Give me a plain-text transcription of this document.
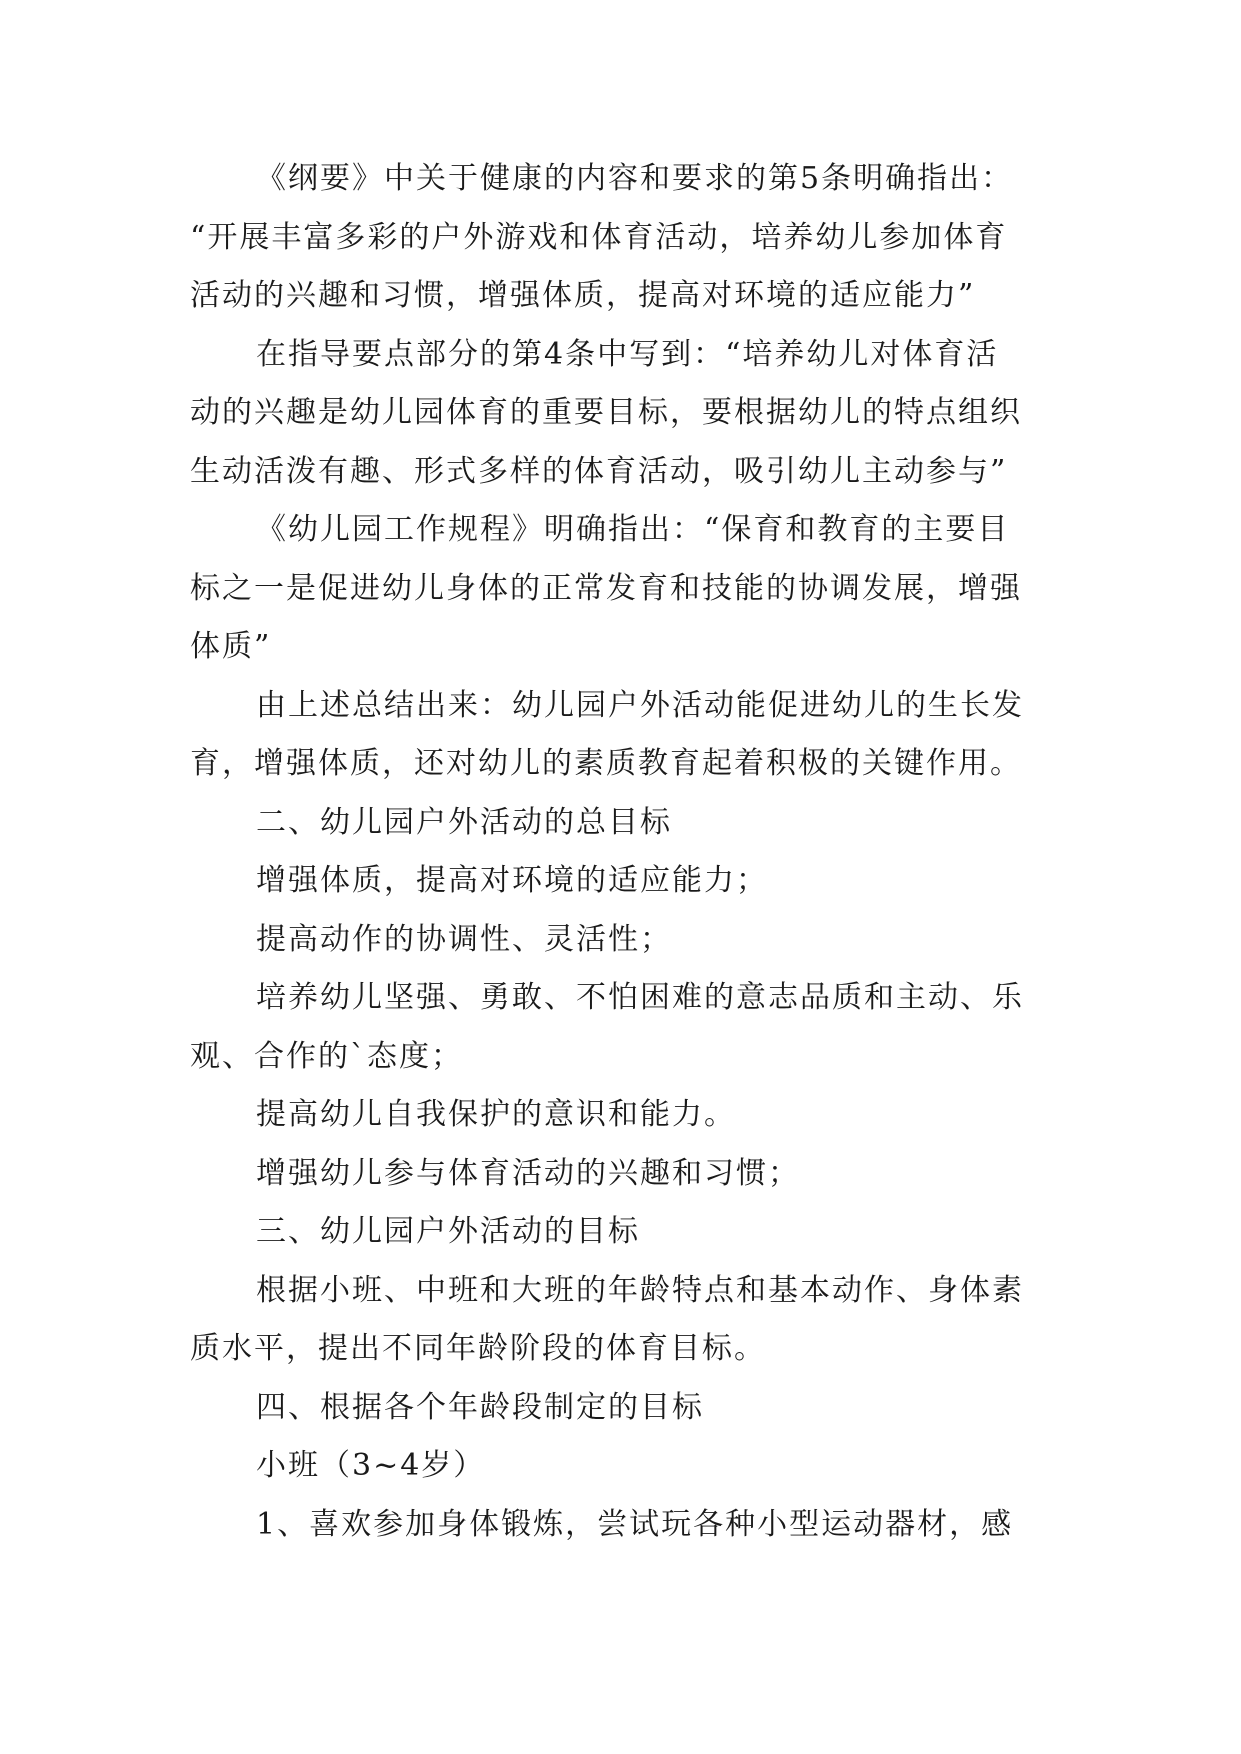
《纲要》中关于健康的内容和要求的第5条明确指出：
“开展丰富多彩的户外游戏和体育活动，培养幼儿参加体育
活动的兴趣和习惯，增强体质，提高对环境的适应能力”
在指导要点部分的第4条中写到：“培养幼儿对体育活
动的兴趣是幼儿园体育的重要目标，要根据幼儿的特点组织
生动活泼有趣、形式多样的体育活动，吸引幼儿主动参与”
《幼儿园工作规程》明确指出：“保育和教育的主要目
标之一是促进幼儿身体的正常发育和技能的协调发展，增强
体质”
由上述总结出来：幼儿园户外活动能促进幼儿的生长发
育，增强体质，还对幼儿的素质教育起着积极的关键作用。
二、幼儿园户外活动的总目标
增强体质，提高对环境的适应能力；
提高动作的协调性、灵活性；
培养幼儿坚强、勇敢、不怕困难的意志品质和主动、乐
观、合作的`态度；
提高幼儿自我保护的意识和能力。
增强幼儿参与体育活动的兴趣和习惯；
三、幼儿园户外活动的目标
根据小班、中班和大班的年龄特点和基本动作、身体素
质水平，提出不同年龄阶段的体育目标。
四、根据各个年龄段制定的目标
小班（3~4岁）
1、喜欢参加身体锻炼，尝试玩各种小型运动器材，感
